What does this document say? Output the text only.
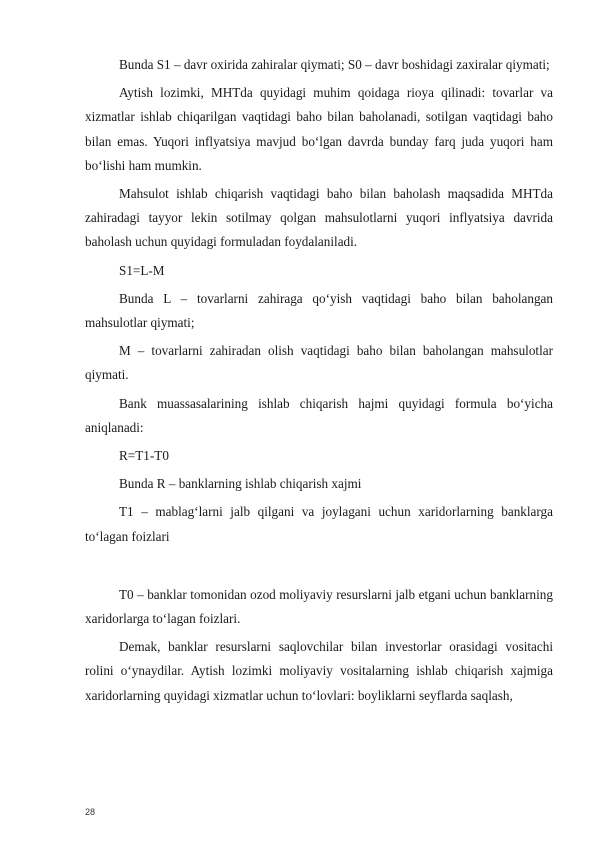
Bunda S1 – davr oxirida zahiralar qiymati; S0 – davr boshidagi zaxiralar qiymati;

Aytish lozimki, MHTda quyidagi muhim qoidaga rioya qilinadi: tovarlar va xizmatlar ishlab chiqarilgan vaqtidagi baho bilan baholanadi, sotilgan vaqtidagi baho bilan emas. Yuqori inflyatsiya mavjud bo‘lgan davrda bunday farq juda yuqori ham bo‘lishi ham mumkin.

Mahsulot ishlab chiqarish vaqtidagi baho bilan baholash maqsadida MHTda zahiradagi tayyor lekin sotilmay qolgan mahsulotlarni yuqori inflyatsiya davrida baholash uchun quyidagi formuladan foydalaniladi.

S1=L-M

Bunda L – tovarlarni zahiraga qo‘yish vaqtidagi baho bilan baholangan mahsulotlar qiymati;

M – tovarlarni zahiradan olish vaqtidagi baho bilan baholangan mahsulotlar qiymati.

Bank muassasalarining ishlab chiqarish hajmi quyidagi formula bo‘yicha aniqlanadi:

R=T1-T0

Bunda R – banklarning ishlab chiqarish xajmi

T1 – mablag‘larni jalb qilgani va joylagani uchun xaridorlarning banklarga to‘lagan foizlari

T0 – banklar tomonidan ozod moliyaviy resurslarni jalb etgani uchun banklarning xaridorlarga to‘lagan foizlari.

Demak, banklar resurslarni saqlovchilar bilan investorlar orasidagi vositachi rolini o‘ynaydilar. Aytish lozimki moliyaviy vositalarning ishlab chiqarish xajmiga xaridorlarning quyidagi xizmatlar uchun to‘lovlari: boyliklarni seyflarda saqlash,

28
